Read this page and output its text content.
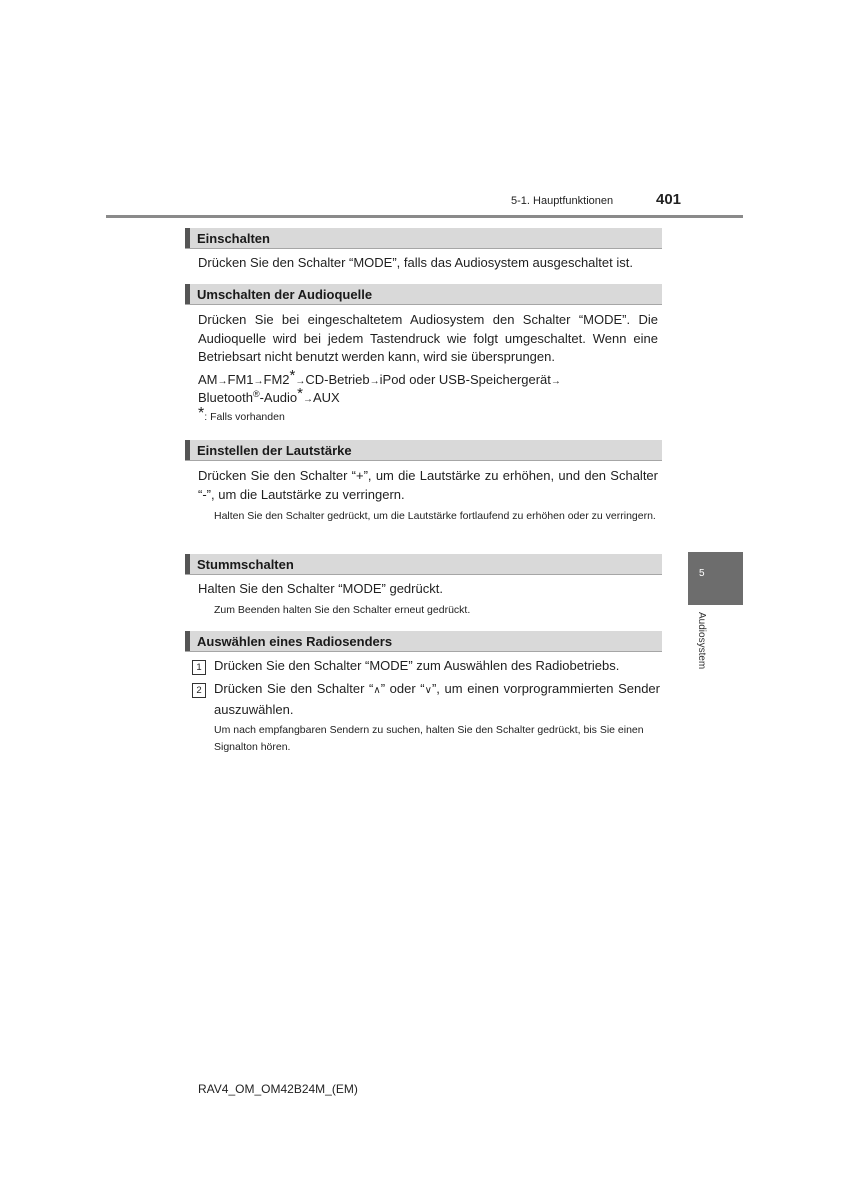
5-1. Hauptfunktionen	401
Einschalten

Drücken Sie den Schalter “MODE”, falls das Audiosystem ausgeschaltet ist.

Umschalten der Audioquelle

Drücken Sie bei eingeschaltetem Audiosystem den Schalter “MODE”. Die Audioquelle wird bei jedem Tastendruck wie folgt umgeschaltet. Wenn eine Betriebsart nicht benutzt werden kann, wird sie übersprungen.

AM→FM1→FM2*→CD-Betrieb→iPod oder USB-Speichergerät→
Bluetooth®-Audio*→AUX
*: Falls vorhanden
Einstellen der Lautstärke

Drücken Sie den Schalter “+”, um die Lautstärke zu erhöhen, und den Schalter “-”, um die Lautstärke zu verringern.

Halten Sie den Schalter gedrückt, um die Lautstärke fortlaufend zu erhöhen oder zu verringern.

Stummschalten

Halten Sie den Schalter “MODE” gedrückt.

Zum Beenden halten Sie den Schalter erneut gedrückt.

Auswählen eines Radiosenders
1 Drücken Sie den Schalter “MODE” zum Auswählen des Radiobetriebs.

2 Drücken Sie den Schalter “∧” oder “∨”, um einen vorprogrammierten Sender auszuwählen.

Um nach empfangbaren Sendern zu suchen, halten Sie den Schalter gedrückt, bis Sie einen Signalton hören.

5
Audiosystem
RAV4_OM_OM42B24M_(EM)
